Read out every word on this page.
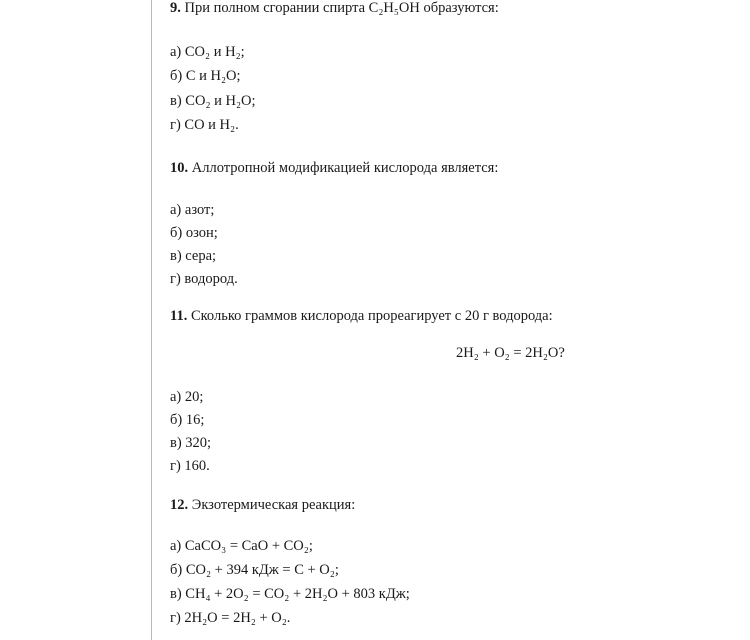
9. При полном сгорании спирта C₂H₅OH образуются:
а) CO₂ и H₂;
б) C и H₂O;
в) CO₂ и H₂O;
г) CO и H₂.
10. Аллотропной модификацией кислорода является:
а) азот;
б) озон;
в) сера;
г) водород.
11. Сколько граммов кислорода прореагирует с 20 г водорода:
2H₂ + O₂ = 2H₂O?
а) 20;
б) 16;
в) 320;
г) 160.
12. Экзотермическая реакция:
а) CaCO₃ = CaO + CO₂;
б) CO₂ + 394 кДж = C + O₂;
в) CH₄ + 2O₂ = CO₂ + 2H₂O + 803 кДж;
г) 2H₂O = 2H₂ + O₂.
